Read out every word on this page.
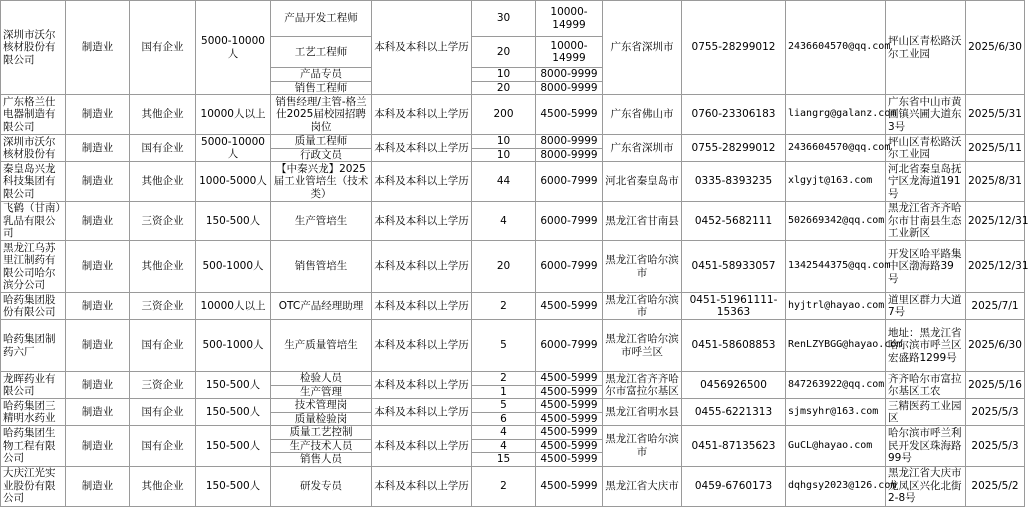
深圳市沃尔核材股份有限公司	制造业	国有企业	5000-10000人	产品开发工程师	本科及本科以上学历	30	10000-14999	广东省深圳市	0755-28299012	2436604570@qq.com	坪山区青松路沃尔工业园	2025/6/30
				工艺工程师		20	10000-14999					
				产品专员		10	8000-9999					
				销售工程师		20	8000-9999					
广东格兰仕电器制造有限公司	制造业	其他企业	10000人以上	销售经理/主管-格兰仕2025届校园招聘岗位	本科及本科以上学历	200	4500-5999	广东省佛山市	0760-23306183	liangrg@galanz.com	广东省中山市黄圃镇兴圃大道东3号	2025/5/31
深圳市沃尔核材股份有	制造业	国有企业	5000-10000人	质量工程师	本科及本科以上学历	10	8000-9999	广东省深圳市	0755-28299012	2436604570@qq.com	坪山区青松路沃尔工业园	2025/5/11
				行政文员		10	8000-9999					
秦皇岛兴龙科技集团有限公司	制造业	其他企业	1000-5000人	【中秦兴龙】2025届工业管培生（技术类）	本科及本科以上学历	44	6000-7999	河北省秦皇岛市	0335-8393235	xlgyjt@163.com	河北省秦皇岛抚宁区龙海道191号	2025/8/31
飞鹤（甘南）乳品有限公司	制造业	三资企业	150-500人	生产管培生	本科及本科以上学历	4	6000-7999	黑龙江省甘南县	0452-5682111	502669342@qq.com	黑龙江省齐齐哈尔市甘南县生态工业新区	2025/12/31
黑龙江乌苏里江制药有限公司哈尔滨分公司	制造业	其他企业	500-1000人	销售管培生	本科及本科以上学历	20	6000-7999	黑龙江省哈尔滨市	0451-58933057	1342544375@qq.com	开发区哈平路集中区渤海路39号	2025/12/31
哈药集团股份有限公司	制造业	三资企业	10000人以上	OTC产品经理助理	本科及本科以上学历	2	4500-5999	黑龙江省哈尔滨市	0451-51961111-15363	hyjtrl@hayao.com	道里区群力大道7号	2025/7/1
哈药集团制药六厂	制造业	国有企业	500-1000人	生产质量管培生	本科及本科以上学历	5	6000-7999	黑龙江省哈尔滨市呼兰区	0451-58608853	RenLZYBGG@hayao.com	地址：黑龙江省哈尔滨市呼兰区宏盛路1299号	2025/6/30
龙晖药业有限公司	制造业	三资企业	150-500人	检验人员	本科及本科以上学历	2	4500-5999	黑龙江省齐齐哈尔市富拉尔基区	0456926500	847263922@qq.com	齐齐哈尔市富拉尔基区工农	2025/5/16
				生产管理		1	4500-5999					
哈药集团三精明水药业	制造业	国有企业	150-500人	技术管理岗	本科及本科以上学历	5	4500-5999	黑龙江省明水县	0455-6221313	sjmsyhr@163.com	三精医药工业园区	2025/5/3
				质量检验岗		6	4500-5999					
哈药集团生物工程有限公司	制造业	国有企业	150-500人	质量工艺控制	本科及本科以上学历	4	4500-5999	黑龙江省哈尔滨市	0451-87135623	GuCL@hayao.com	哈尔滨市呼兰利民开发区珠海路99号	2025/5/3
				生产技术人员		4	4500-5999					
				销售人员		15	4500-5999					
大庆江光实业股份有限公司	制造业	其他企业	150-500人	研发专员	本科及本科以上学历	2	4500-5999	黑龙江省大庆市	0459-6760173	dqhgsy2023@126.com	黑龙江省大庆市龙凤区兴化北街2-8号	2025/5/2
